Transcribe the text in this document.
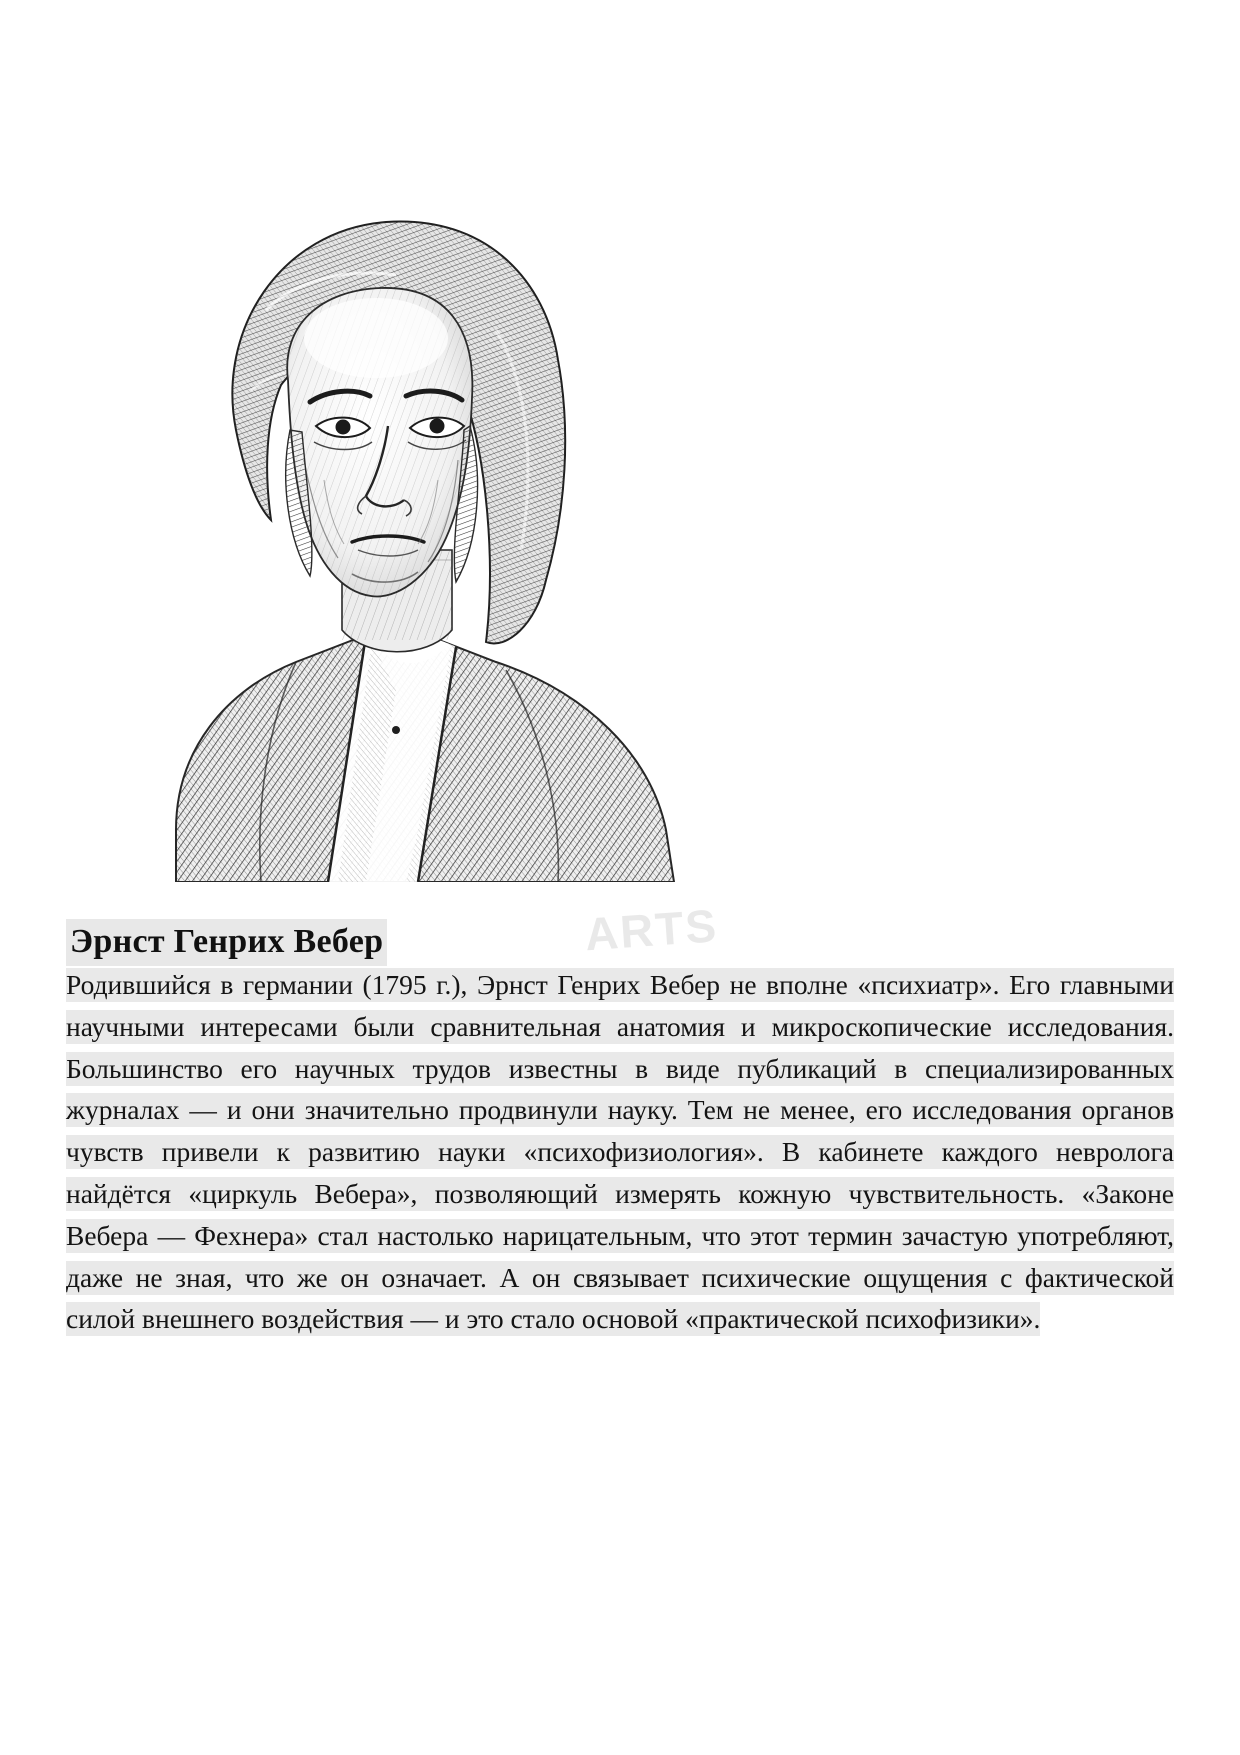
ARTS
Эрнст Генрих Вебер
Родившийся в германии (1795 г.), Эрнст Генрих Вебер не вполне «психиатр». Его главными научными интересами были сравнительная анатомия и микроскопические исследования. Большинство его научных трудов известны в виде публикаций в специализированных журналах — и они значительно продвинули науку. Тем не менее, его исследования органов чувств привели к развитию науки «психофизиология». В кабинете каждого невролога найдётся «циркуль Вебера», позволяющий измерять кожную чувствительность. «Законе Вебера — Фехнера» стал настолько нарицательным, что этот термин зачастую употребляют, даже не зная, что же он означает. А он связывает психические ощущения с фактической силой внешнего воздействия — и это стало основой «практической психофизики».
